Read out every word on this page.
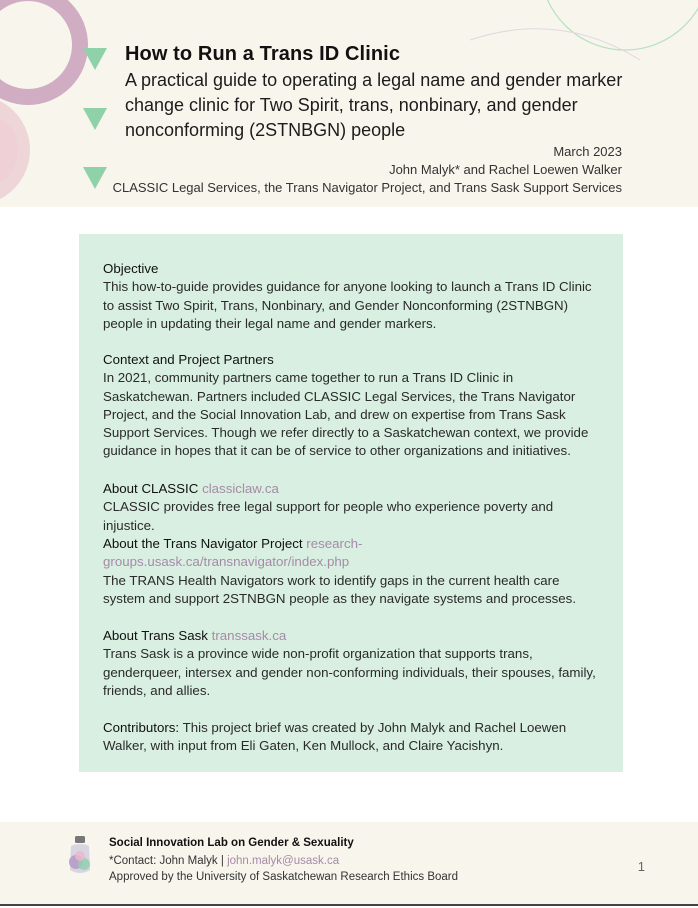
How to Run a Trans ID Clinic

A practical guide to operating a legal name and gender marker change clinic for Two Spirit, trans, nonbinary, and gender nonconforming (2STNBGN) people

March 2023
John Malyk* and Rachel Loewen Walker
CLASSIC Legal Services, the Trans Navigator Project, and Trans Sask Support Services
Objective

This how-to-guide provides guidance for anyone looking to launch a Trans ID Clinic to assist Two Spirit, Trans, Nonbinary, and Gender Nonconforming (2STNBGN) people in updating their legal name and gender markers.

Context and Project Partners

In 2021, community partners came together to run a Trans ID Clinic in Saskatchewan. Partners included CLASSIC Legal Services, the Trans Navigator Project, and the Social Innovation Lab, and drew on expertise from Trans Sask Support Services. Though we refer directly to a Saskatchewan context, we provide guidance in hopes that it can be of service to other organizations and initiatives.

About CLASSIC classiclaw.ca

CLASSIC provides free legal support for people who experience poverty and injustice.

About the Trans Navigator Project research-groups.usask.ca/transnavigator/index.php

The TRANS Health Navigators work to identify gaps in the current health care system and support 2STNBGN people as they navigate systems and processes.

About Trans Sask transsask.ca

Trans Sask is a province wide non-profit organization that supports trans, genderqueer, intersex and gender non-conforming individuals, their spouses, family, friends, and allies.

Contributors: This project brief was created by John Malyk and Rachel Loewen Walker, with input from Eli Gaten, Ken Mullock, and Claire Yacishyn.
Social Innovation Lab on Gender & Sexuality
*Contact: John Malyk | john.malyk@usask.ca
Approved by the University of Saskatchewan Research Ethics Board
1
